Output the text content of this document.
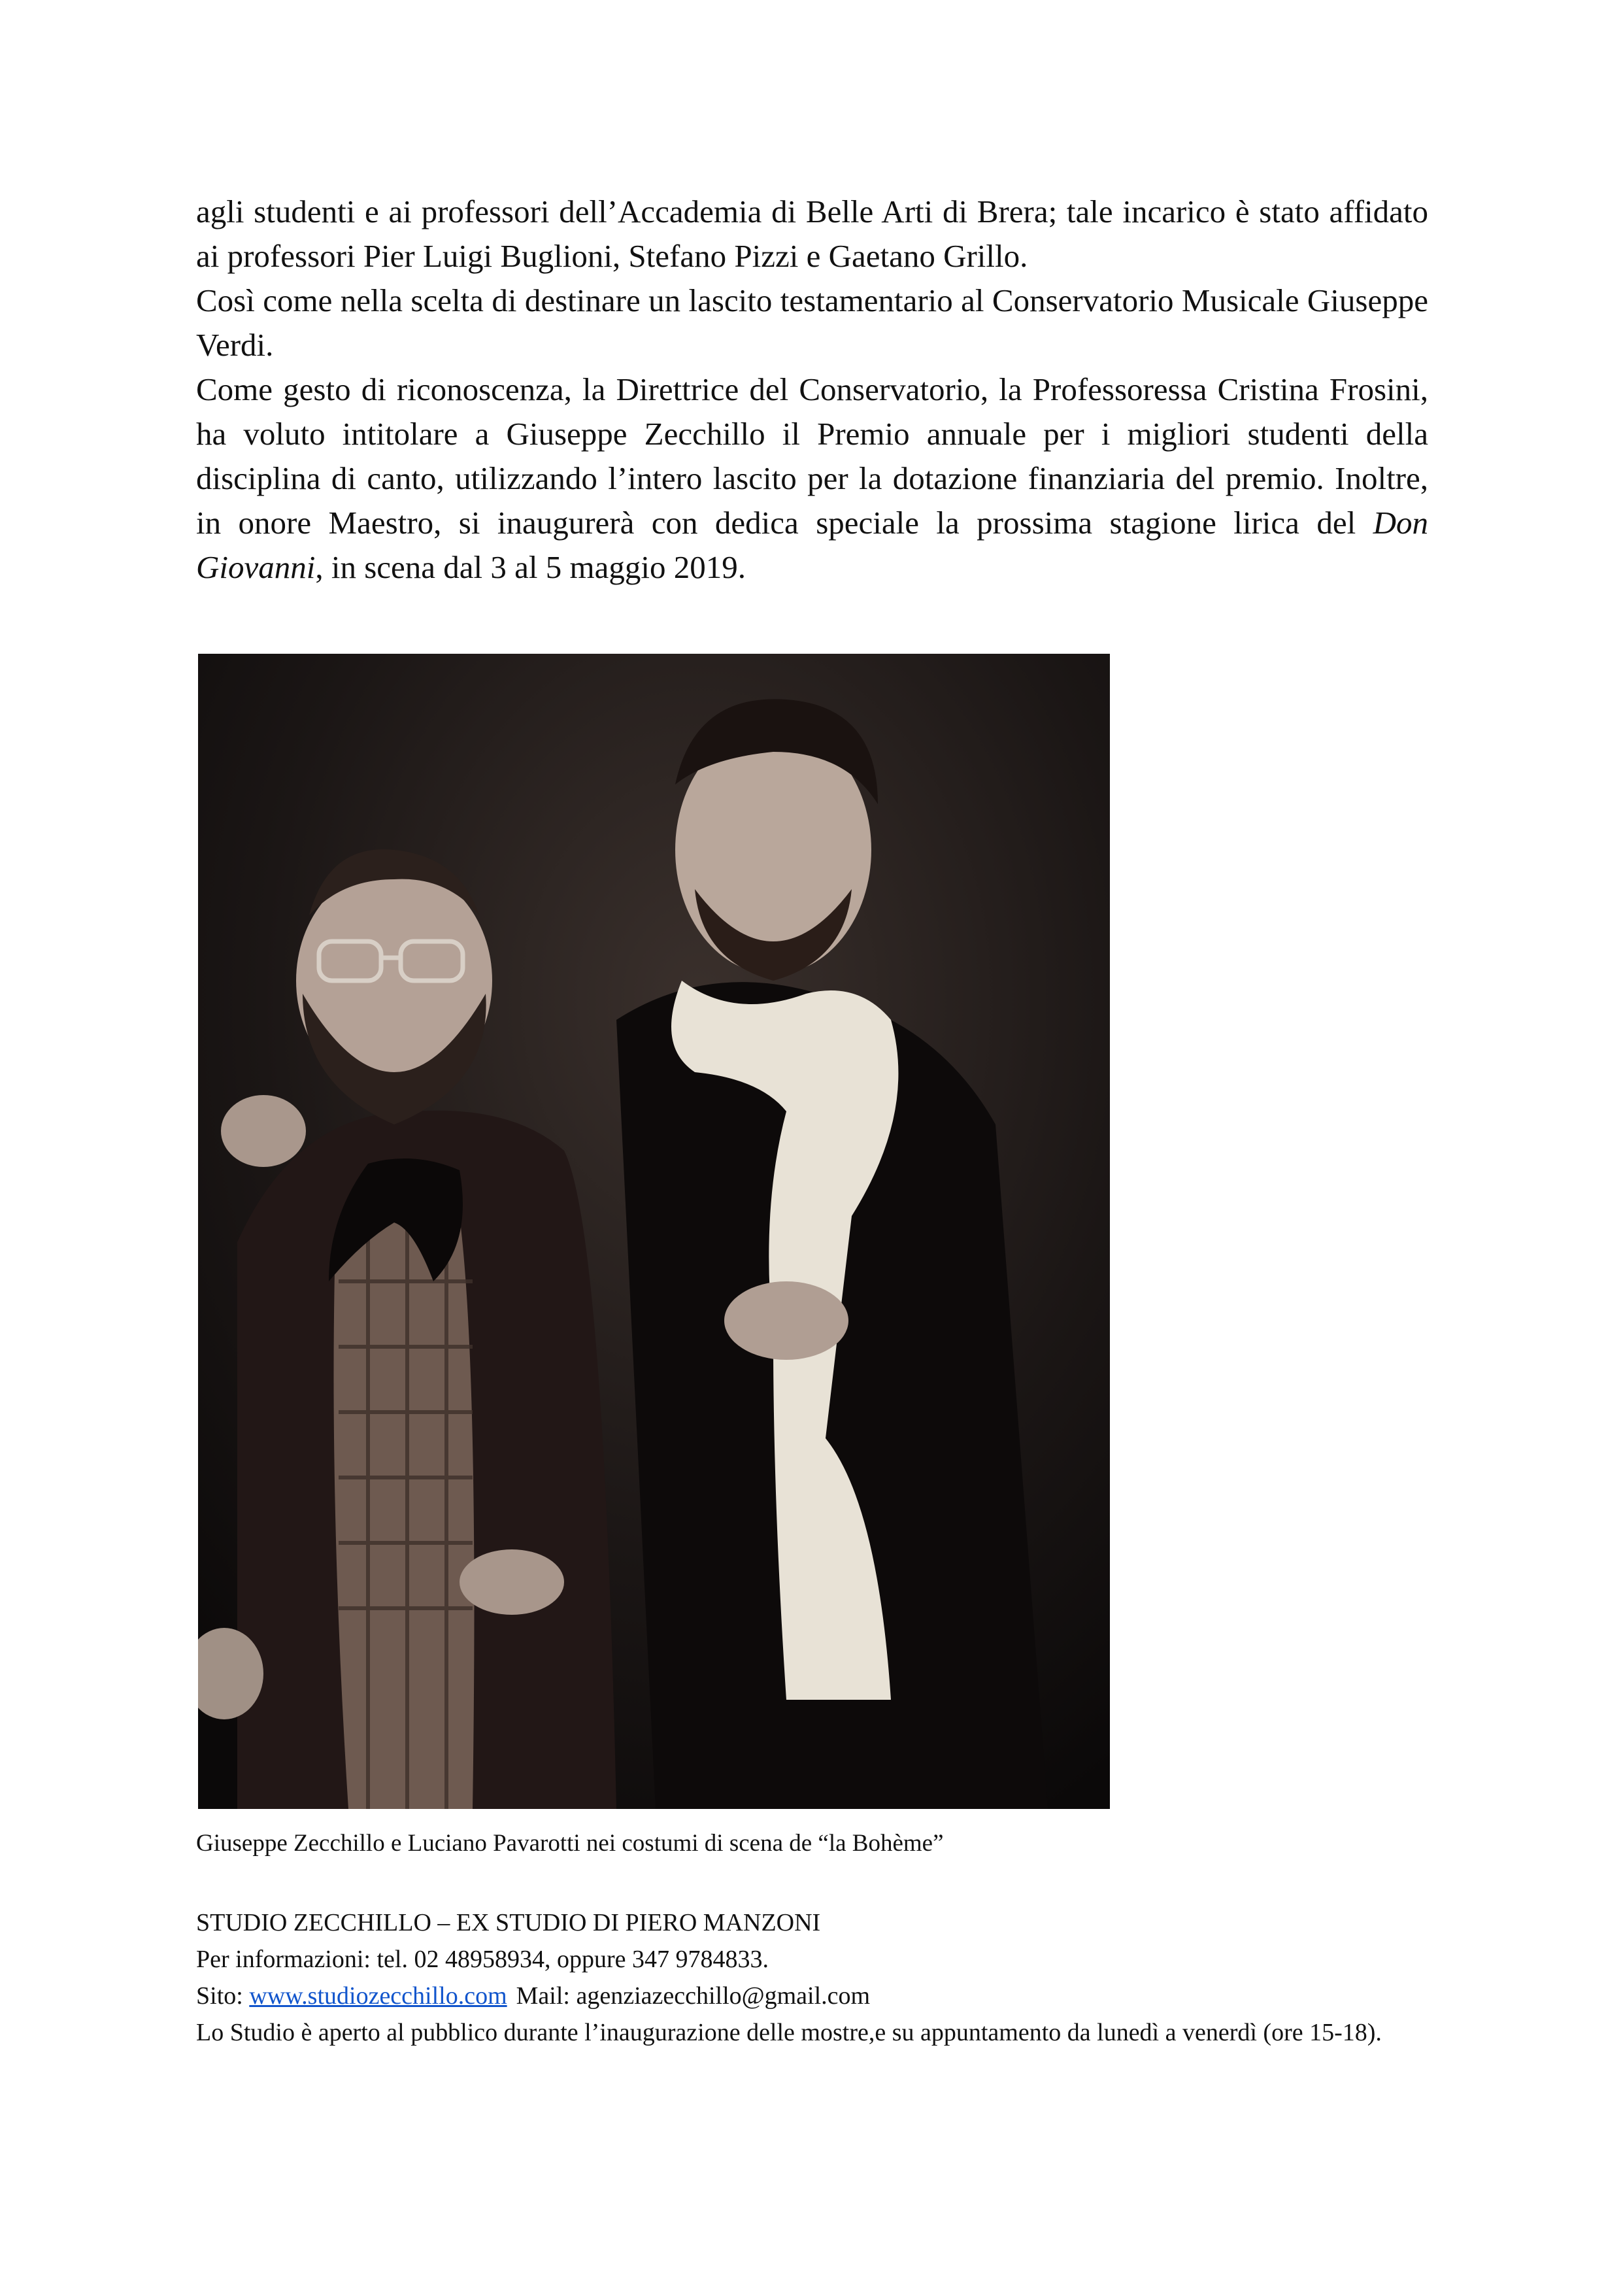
agli studenti e ai professori dell’Accademia di Belle Arti di Brera; tale incarico è stato affidato ai professori Pier Luigi Buglioni, Stefano Pizzi e Gaetano Grillo.

Così come nella scelta di destinare un lascito testamentario al Conservatorio Musicale Giuseppe Verdi.

Come gesto di riconoscenza, la Direttrice del Conservatorio, la Professoressa Cristina Frosini, ha voluto intitolare a Giuseppe Zecchillo il Premio annuale per i migliori studenti della disciplina di canto, utilizzando l’intero lascito per la dotazione finanziaria del premio. Inoltre, in onore Maestro, si inaugurerà con dedica speciale la prossima stagione lirica del Don Giovanni, in scena dal 3 al 5 maggio 2019.

Giuseppe Zecchillo e Luciano Pavarotti nei costumi di scena de “la Bohème”

STUDIO ZECCHILLO – EX STUDIO DI PIERO MANZONI

Per informazioni: tel. 02 48958934, oppure 347 9784833.

Sito: www.studiozecchillo.com Mail: agenziazecchillo@gmail.com

Lo Studio è aperto al pubblico durante l’inaugurazione delle mostre,e su appuntamento da lunedì a venerdì (ore 15-18).
